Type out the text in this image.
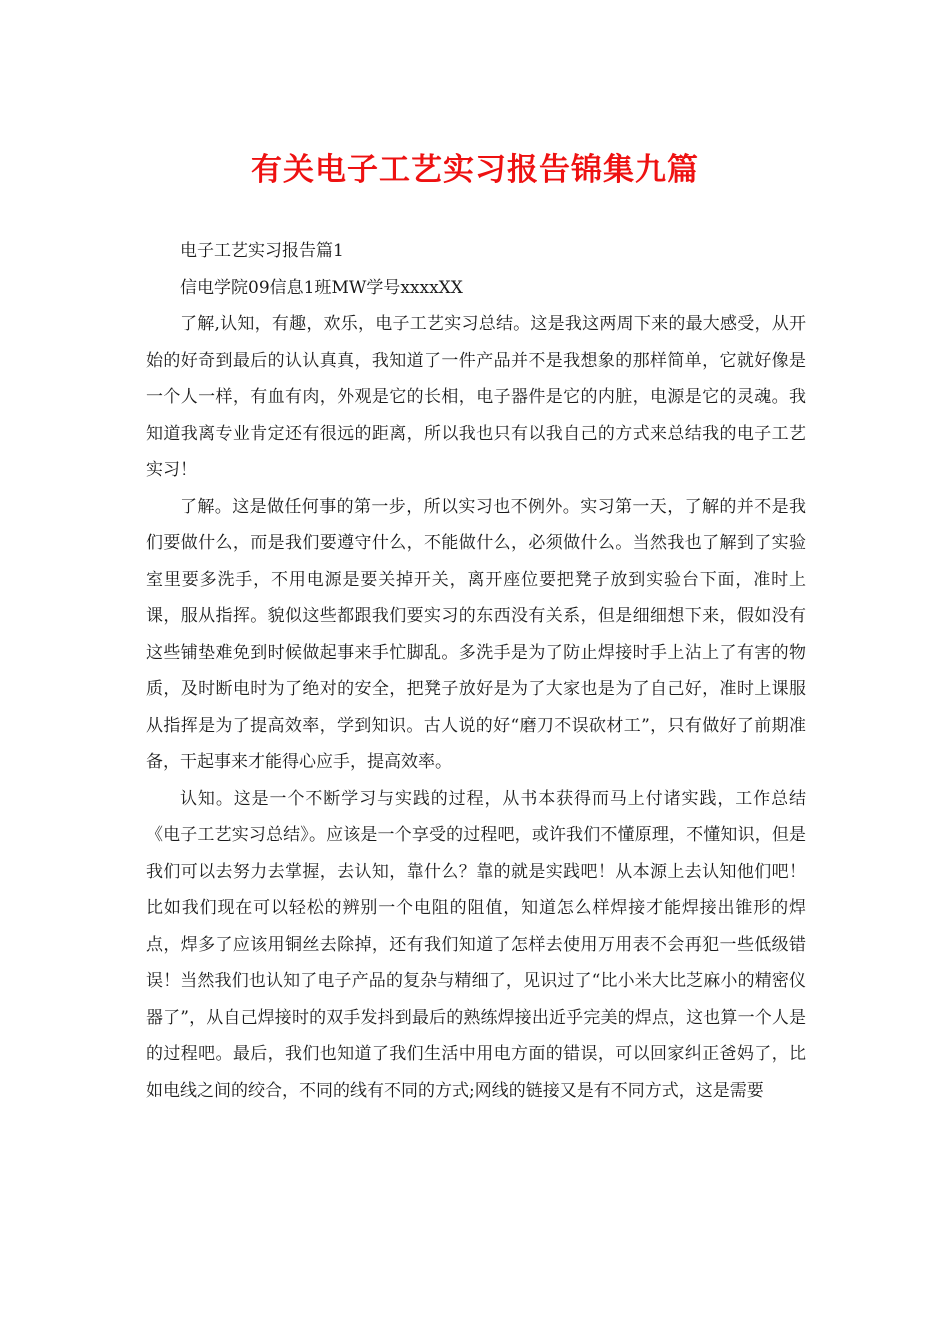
有关电子工艺实习报告锦集九篇

电子工艺实习报告篇1

信电学院09信息1班MW学号xxxxXX

了解,认知，有趣，欢乐，电子工艺实习总结。这是我这两周下来的最大感受，从开始的好奇到最后的认认真真，我知道了一件产品并不是我想象的那样简单，它就好像是一个人一样，有血有肉，外观是它的长相，电子器件是它的内脏，电源是它的灵魂。我知道我离专业肯定还有很远的距离，所以我也只有以我自己的方式来总结我的电子工艺实习！

了解。这是做任何事的第一步，所以实习也不例外。实习第一天，了解的并不是我们要做什么，而是我们要遵守什么，不能做什么，必须做什么。当然我也了解到了实验室里要多洗手，不用电源是要关掉开关，离开座位要把凳子放到实验台下面，准时上课，服从指挥。貌似这些都跟我们要实习的东西没有关系，但是细细想下来，假如没有这些铺垫难免到时候做起事来手忙脚乱。多洗手是为了防止焊接时手上沾上了有害的物质，及时断电时为了绝对的安全，把凳子放好是为了大家也是为了自己好，准时上课服从指挥是为了提高效率，学到知识。古人说的好“磨刀不误砍材工”，只有做好了前期准备，干起事来才能得心应手，提高效率。

认知。这是一个不断学习与实践的过程，从书本获得而马上付诸实践，工作总结《电子工艺实习总结》。应该是一个享受的过程吧，或许我们不懂原理，不懂知识，但是我们可以去努力去掌握，去认知，靠什么？靠的就是实践吧！从本源上去认知他们吧！比如我们现在可以轻松的辨别一个电阻的阻值，知道怎么样焊接才能焊接出锥形的焊点，焊多了应该用铜丝去除掉，还有我们知道了怎样去使用万用表不会再犯一些低级错误！当然我们也认知了电子产品的复杂与精细了，见识过了“比小米大比芝麻小的精密仪器了”，从自己焊接时的双手发抖到最后的熟练焊接出近乎完美的焊点，这也算一个人是的过程吧。最后，我们也知道了我们生活中用电方面的错误，可以回家纠正爸妈了，比如电线之间的绞合，不同的线有不同的方式;网线的链接又是有不同方式，这是需要
